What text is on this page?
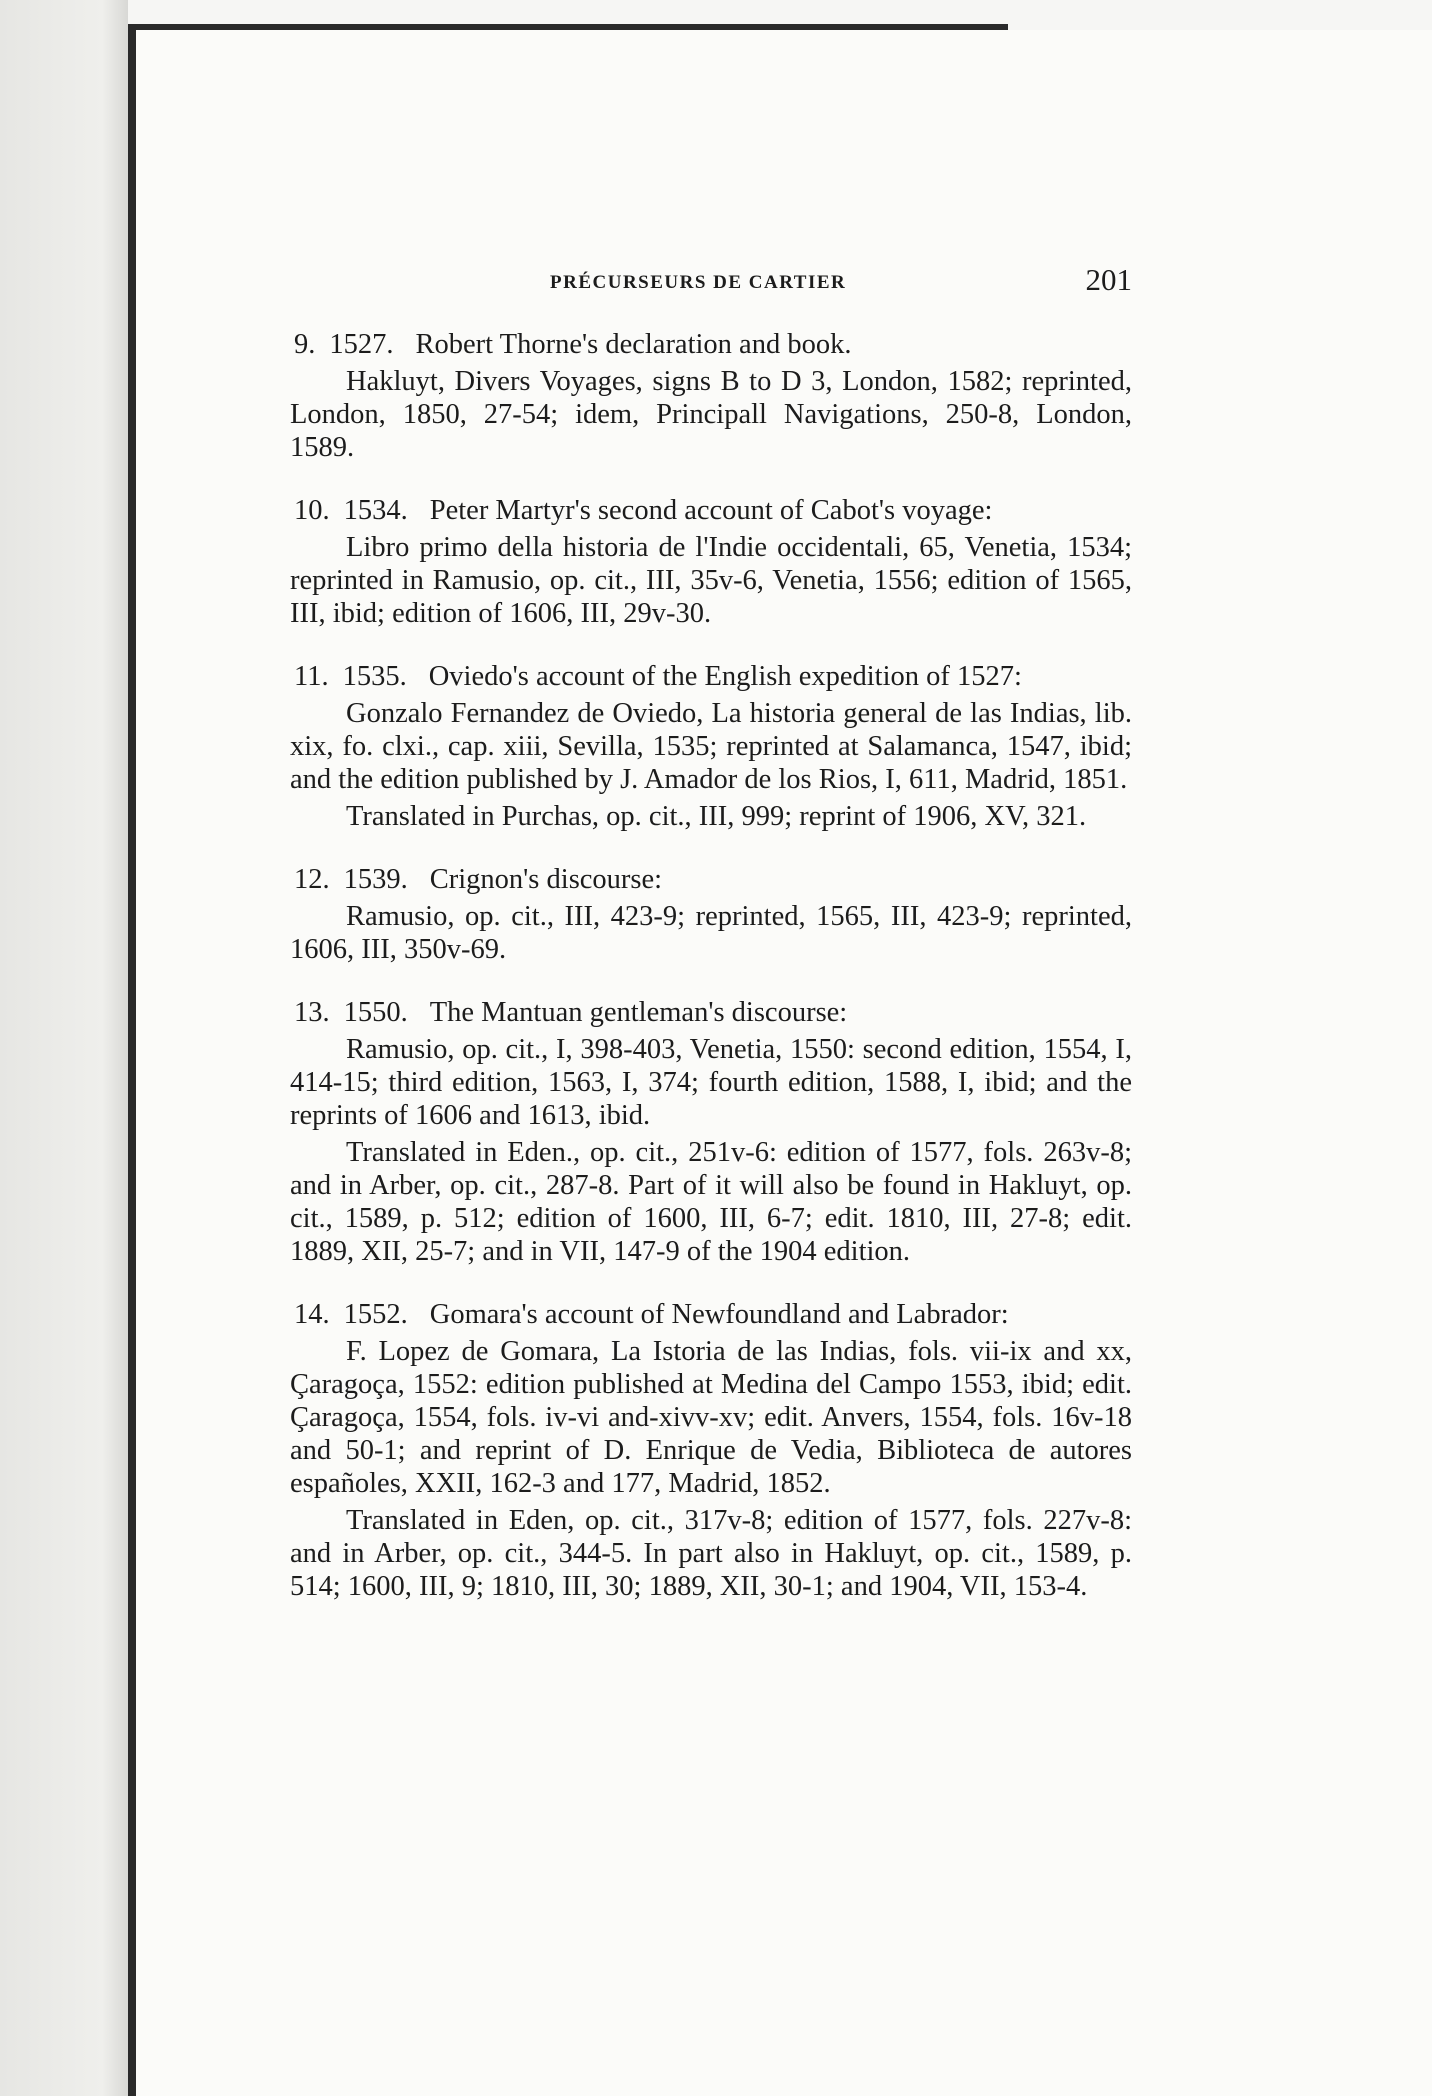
PRÉCURSEURS DE CARTIER	201

9. 1527. Robert Thorne's declaration and book.

Hakluyt, Divers Voyages, signs B to D 3, London, 1582; reprinted, London, 1850, 27-54; idem, Principall Navigations, 250-8, London, 1589.

10. 1534. Peter Martyr's second account of Cabot's voyage:

Libro primo della historia de l'Indie occidentali, 65, Venetia, 1534; reprinted in Ramusio, op. cit., III, 35v-6, Venetia, 1556; edition of 1565, III, ibid; edition of 1606, III, 29v-30.

11. 1535. Oviedo's account of the English expedition of 1527:

Gonzalo Fernandez de Oviedo, La historia general de las Indias, lib. xix, fo. clxi., cap. xiii, Sevilla, 1535; reprinted at Salamanca, 1547, ibid; and the edition published by J. Amador de los Rios, I, 611, Madrid, 1851.

Translated in Purchas, op. cit., III, 999; reprint of 1906, XV, 321.

12. 1539. Crignon's discourse:

Ramusio, op. cit., III, 423-9; reprinted, 1565, III, 423-9; reprinted, 1606, III, 350v-69.

13. 1550. The Mantuan gentleman's discourse:

Ramusio, op. cit., I, 398-403, Venetia, 1550: second edition, 1554, I, 414-15; third edition, 1563, I, 374; fourth edition, 1588, I, ibid; and the reprints of 1606 and 1613, ibid.

Translated in Eden., op. cit., 251v-6: edition of 1577, fols. 263v-8; and in Arber, op. cit., 287-8. Part of it will also be found in Hakluyt, op. cit., 1589, p. 512; edition of 1600, III, 6-7; edit. 1810, III, 27-8; edit. 1889, XII, 25-7; and in VII, 147-9 of the 1904 edition.

14. 1552. Gomara's account of Newfoundland and Labrador:

F. Lopez de Gomara, La Istoria de las Indias, fols. vii-ix and xx, Çaragoça, 1552: edition published at Medina del Campo 1553, ibid; edit. Çaragoça, 1554, fols. iv-vi and-xivv-xv; edit. Anvers, 1554, fols. 16v-18 and 50-1; and reprint of D. Enrique de Vedia, Biblioteca de autores españoles, XXII, 162-3 and 177, Madrid, 1852.

Translated in Eden, op. cit., 317v-8; edition of 1577, fols. 227v-8: and in Arber, op. cit., 344-5. In part also in Hakluyt, op. cit., 1589, p. 514; 1600, III, 9; 1810, III, 30; 1889, XII, 30-1; and 1904, VII, 153-4.
